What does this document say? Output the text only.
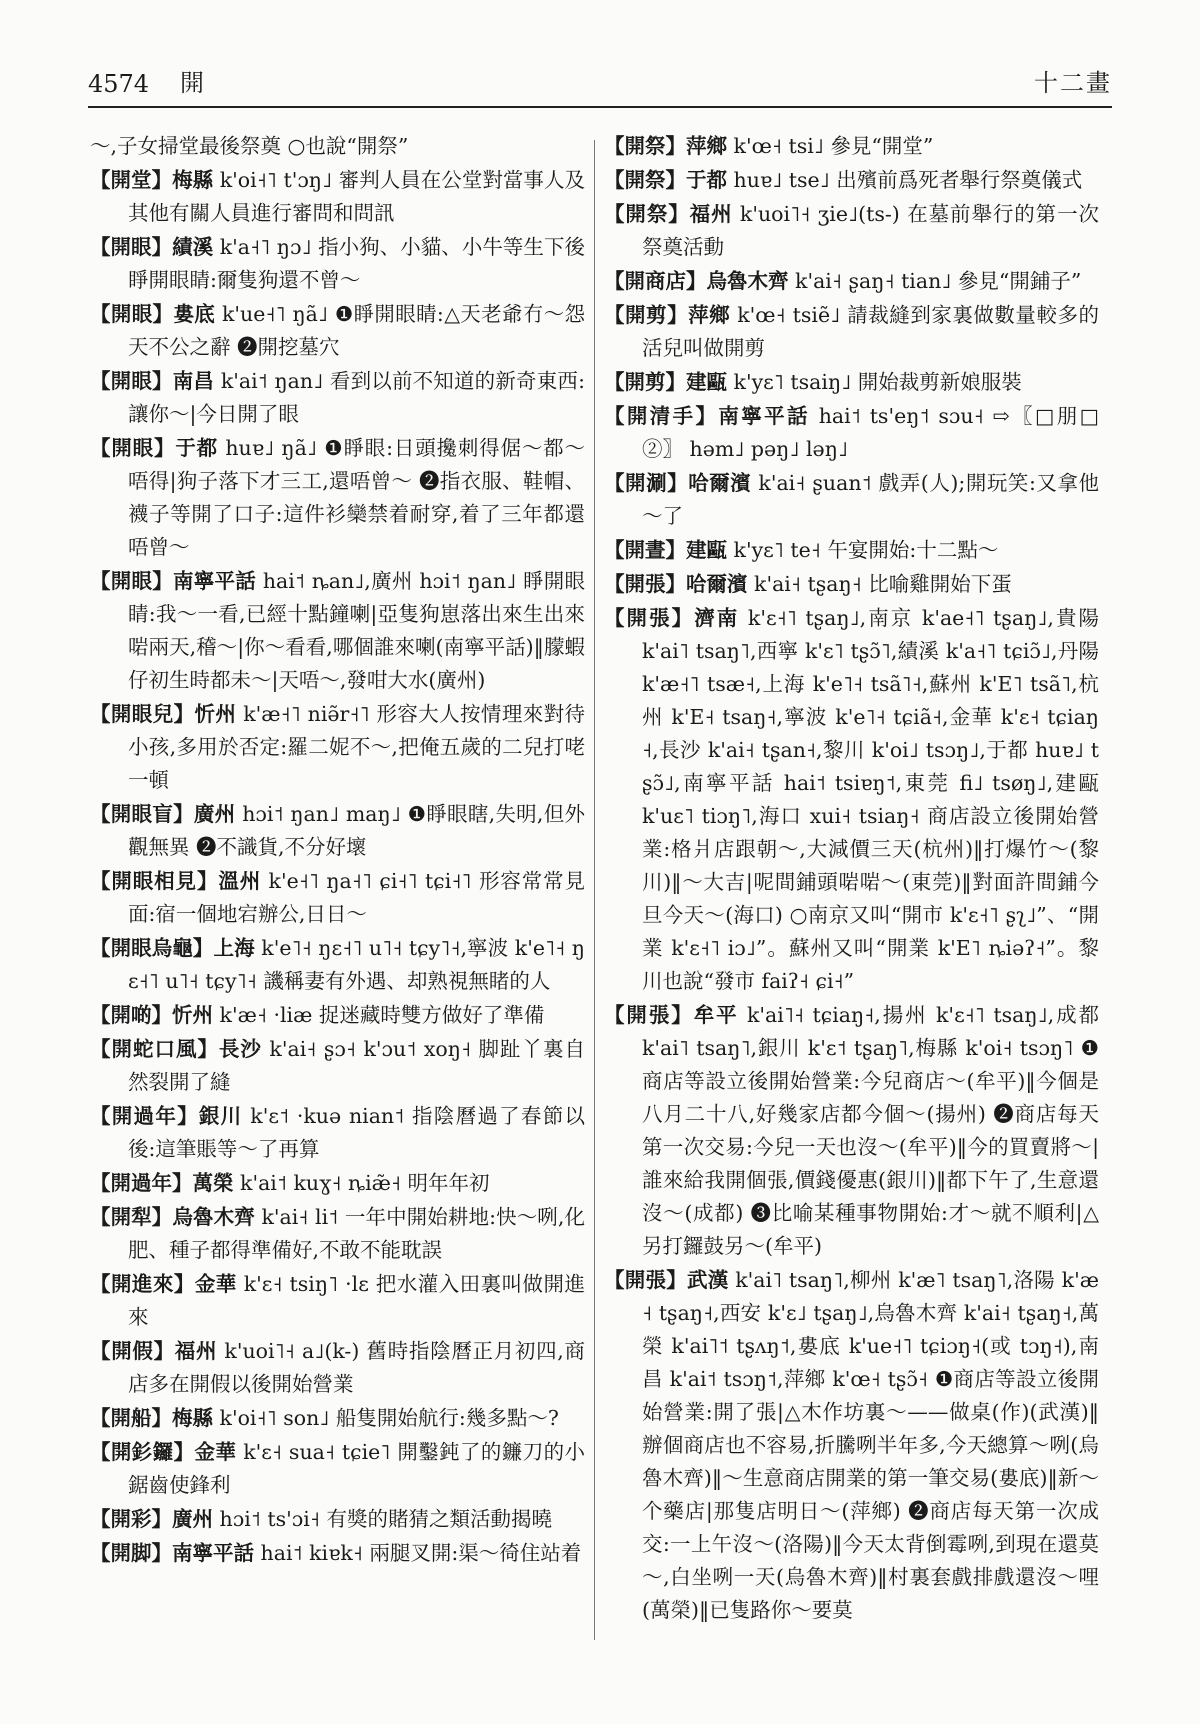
4574 開	十二畫

～,子女掃堂最後祭奠 ○也說“開祭”

【開堂】梅縣 k'oi˧˥ t'ɔŋ˩ 審判人員在公堂對當事人及其他有關人員進行審問和問訊

【開眼】績溪 k'a˧˥ ŋɔ˩ 指小狗、小貓、小牛等生下後睜開眼睛:爾隻狗還不曾～

【開眼】婁底 k'ue˧˥ ŋã˩ ❶睜開眼睛:△天老爺冇～怨天不公之辭 ❷開挖墓穴

【開眼】南昌 k'ai˦ ŋan˩ 看到以前不知道的新奇東西:讓你～|今日開了眼

【開眼】于都 huɐ˩ ŋã˩ ❶睜眼:日頭攙刺得倨～都～唔得|狗子落下才三工,還唔曾～ ❷指衣服、鞋帽、襪子等開了口子:這件衫欒禁着耐穿,着了三年都還唔曾～

【開眼】南寧平話 hai˦ ȵan˩,廣州 hɔi˦ ŋan˩ 睜開眼睛:我～一看,已經十點鐘喇|亞隻狗崽落出來生出來啱兩天,󠄀稽～|你～看看,哪個誰來喇(南寧平話)‖朦蝦仔初生時都未～|天唔～,發咁大水(廣州)

【開眼兒】忻州 k'æ˧˥ niə̃r˧˥ 形容大人按情理來對待小孩,多用於否定:羅二妮不～,把俺五歲的二兒打咾一頓

【開眼盲】廣州 hɔi˦ ŋan˩ maŋ˩ ❶睜眼瞎,失明,但外觀無異 ❷不識貨,不分好壞

【開眼相見】溫州 k'e˧˥ ŋa˧˥ ɕi˧˥ tɕi˧˥ 形容常常見面:宿一個地宕辦公,日日～

【開眼烏龜】上海 k'e˥˧ ŋɛ˧˥ u˥˧ tɕy˥˧,寧波 k'e˥˧ ŋɛ˧˥ u˥˧ tɕy˥˧ 譏稱妻有外遇、却熟視無睹的人

【開啲】忻州 k'æ˧ ·liæ 捉迷藏時雙方做好了準備

【開蛇口風】長沙 k'ai˧ ʂɔ˧ k'ɔu˦ xoŋ˧ 脚趾丫裏自然裂開了縫

【開過年】銀川 k'ɛ˦ ·kuə nian˦ 指陰曆過了春節以後:這筆賬等～了再算

【開過年】萬榮 k'ai˦ kuɣ˧ ȵiæ̃˧ 明年年初

【開犁】烏魯木齊 k'ai˧ li˦ 一年中開始耕地:快～咧,化肥、種子都得準備好,不敢不能耽誤

【開進來】金華 k'ɛ˧ tsiŋ˥ ·lɛ 把水灌入田裏叫做開進來

【開假】福州 k'uoi˥˧ a˩(k-) 舊時指陰曆正月初四,商店多在開假以後開始營業

【開船】梅縣 k'oi˧˥ son˩ 船隻開始航行:幾多點～?

【開釤鑼】金華 k'ɛ˧ sua˧ tɕie˥ 開鑿鈍了的鐮刀的小鋸齒使鋒利

【開彩】廣州 hɔi˦ ts'ɔi˧ 有獎的賭猜之類活動揭曉

【開脚】南寧平話 hai˦ kiɐk˧ 兩腿叉開:渠～徛住站着

【開祭】萍鄉 k'œ˧ tsi˩ 參見“開堂”

【開祭】于都 huɐ˩ tse˩ 出殯前爲死者舉行祭奠儀式

【開祭】福州 k'uoi˥˧ ʒie˩(ts-) 在墓前舉行的第一次祭奠活動

【開商店】烏魯木齊 k'ai˧ ʂaŋ˧ tian˩ 參見“開鋪子”

【開剪】萍鄉 k'œ˧ tsiẽ˩ 請裁縫到家裏做數量較多的活兒叫做開剪

【開剪】建甌 k'yɛ˥ tsaiŋ˩ 開始裁剪新娘服裝

【開清手】南寧平話 hai˦ ts'eŋ˦ sɔu˧ ⇨〖□朋□②〗 həm˩ pəŋ˩ ləŋ˩

【開涮】哈爾濱 k'ai˧ ʂuan˦ 戲弄(人);開玩笑:又拿他～了

【開晝】建甌 k'yɛ˥ te˧ 午宴開始:十二點～

【開張】哈爾濱 k'ai˧ tʂaŋ˧ 比喻雞開始下蛋

【開張】濟南 k'ɛ˧˥ tʂaŋ˩,南京 k'ae˧˥ tʂaŋ˩,貴陽 k'ai˥ tsaŋ˥,西寧 k'ɛ˥ tʂɔ̃˥,績溪 k'a˧˥ tɕiɔ̃˩,丹陽 k'æ˧˥ tsæ˧,上海 k'e˥˧ tsã˥˧,蘇州 k'E˥ tsã˥,杭州 k'E˧ tsaŋ˧,寧波 k'e˥˧ tɕiã˧,金華 k'ɛ˧ tɕiaŋ˧,長沙 k'ai˧ tʂan˧,黎川 k'oi˩ tsɔŋ˩,于都 huɐ˩ tʂɔ̃˩,南寧平話 hai˦ tsiɐŋ˦,東莞 fi˩ tsøŋ˩,建甌 k'uɛ˥ tiɔŋ˥,海口 xui˧ tsiaŋ˧ 商店設立後開始營業:格爿店跟朝～,大減價三天(杭州)‖打爆竹～(黎川)‖～大吉|呢間鋪頭啱啱～(東莞)‖對面許間鋪今旦今天～(海口) ○南京又叫“開市 k'ɛ˧˥ ʂʅ˩”、“開業 k'ɛ˧˥ iɔ˩”。蘇州又叫“開業 k'E˥ ȵiəʔ˧”。黎川也說“發市 faiʔ˧ ɕi˧”

【開張】牟平 k'ai˥˧ tɕiaŋ˧,揚州 k'ɛ˧˥ tsaŋ˩,成都 k'ai˥ tsaŋ˥,銀川 k'ɛ˦ tʂaŋ˥,梅縣 k'oi˧ tsɔŋ˥ ❶商店等設立後開始營業:今兒商店～(牟平)‖今個是八月二十八,好幾家店都今個～(揚州) ❷商店每天第一次交易:今兒一天也沒～(牟平)‖今的買賣將～|誰來給我開個張,價錢優惠(銀川)‖都下午了,生意還沒～(成都) ❸比喻某種事物開始:才～就不順利|△另打鑼鼓另～(牟平)

【開張】武漢 k'ai˥ tsaŋ˥,柳州 k'æ˥ tsaŋ˥,洛陽 k'æ˧ tʂaŋ˧,西安 k'ɛ˩ tʂaŋ˩,烏魯木齊 k'ai˧ tʂaŋ˧,萬榮 k'ai˥˦ tʂʌŋ˦,婁底 k'ue˧˥ tɕiɔŋ˧(或 tɔŋ˧),南昌 k'ai˦ tsɔŋ˦,萍鄉 k'œ˧ tʂɔ̃˧ ❶商店等設立後開始營業:開了張|△木作坊裏～——做桌(作)(武漢)‖辦個商店也不容易,折騰咧半年多,今天總算～咧(烏魯木齊)‖～生意商店開業的第一筆交易(婁底)‖新～个藥店|那隻店明日～(萍鄉) ❷商店每天第一次成交:一上午沒～(洛陽)‖今天太背倒霉咧,到現在還莫～,白坐咧一天(烏魯木齊)‖村裏套戲排戲還沒～哩(萬榮)‖已隻路你～要莫
